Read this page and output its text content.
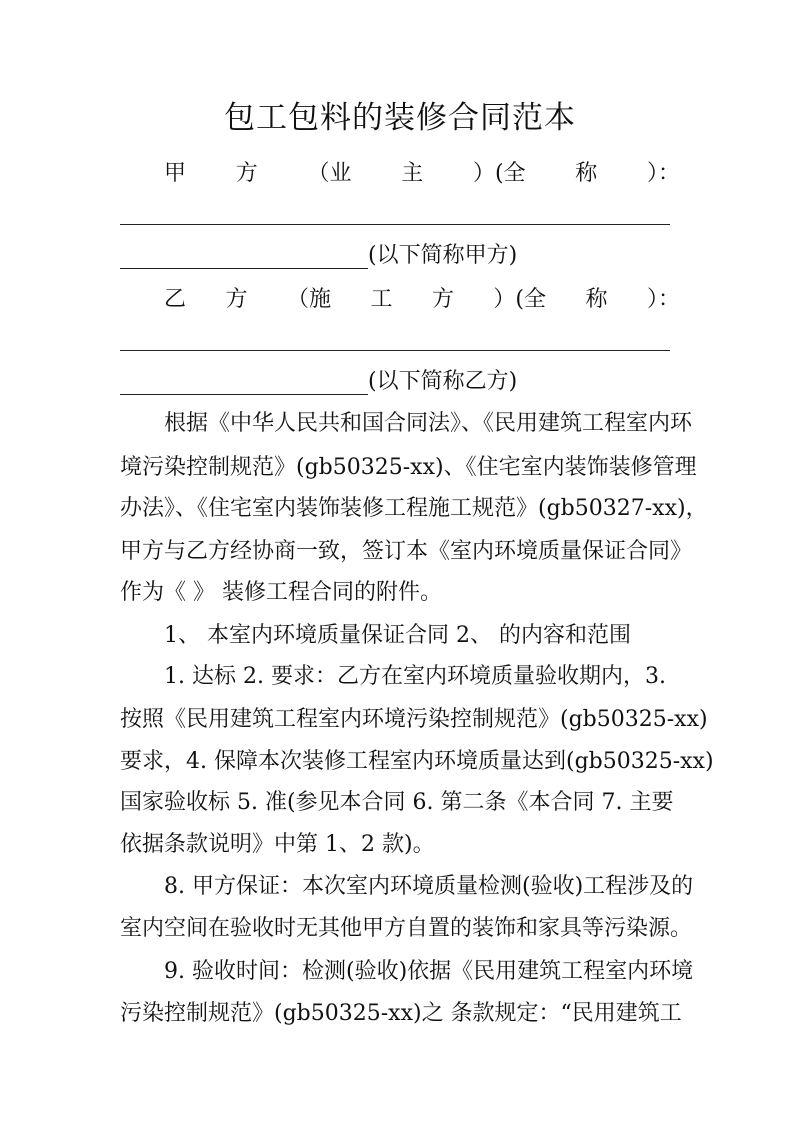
包工包料的装修合同范本
甲 方 （业 主 ）(全 称 ）：
(以下简称甲方)
乙 方 （施 工 方 ）(全 称 ）：
(以下简称乙方)
　　根据《中华人民共和国合同法》、《民用建筑工程室内环
境污染控制规范》(gb50325-xx)、《住宅室内装饰装修管理
办法》、《住宅室内装饰装修工程施工规范》(gb50327-xx)，
甲方与乙方经协商一致，签订本《室内环境质量保证合同》
作为《 》 装修工程合同的附件。
　　1、 本室内环境质量保证合同 2、 的内容和范围
　　1. 达标 2. 要求：乙方在室内环境质量验收期内，3.
按照《民用建筑工程室内环境污染控制规范》(gb50325-xx)
要求，4. 保障本次装修工程室内环境质量达到(gb50325-xx)
国家验收标 5. 准(参见本合同 6. 第二条《本合同 7. 主要
依据条款说明》中第 1、2 款)。
　　8. 甲方保证：本次室内环境质量检测(验收)工程涉及的
室内空间在验收时无其他甲方自置的装饰和家具等污染源。
　　9. 验收时间：检测(验收)依据《民用建筑工程室内环境
污染控制规范》(gb50325-xx)之 条款规定：“民用建筑工
